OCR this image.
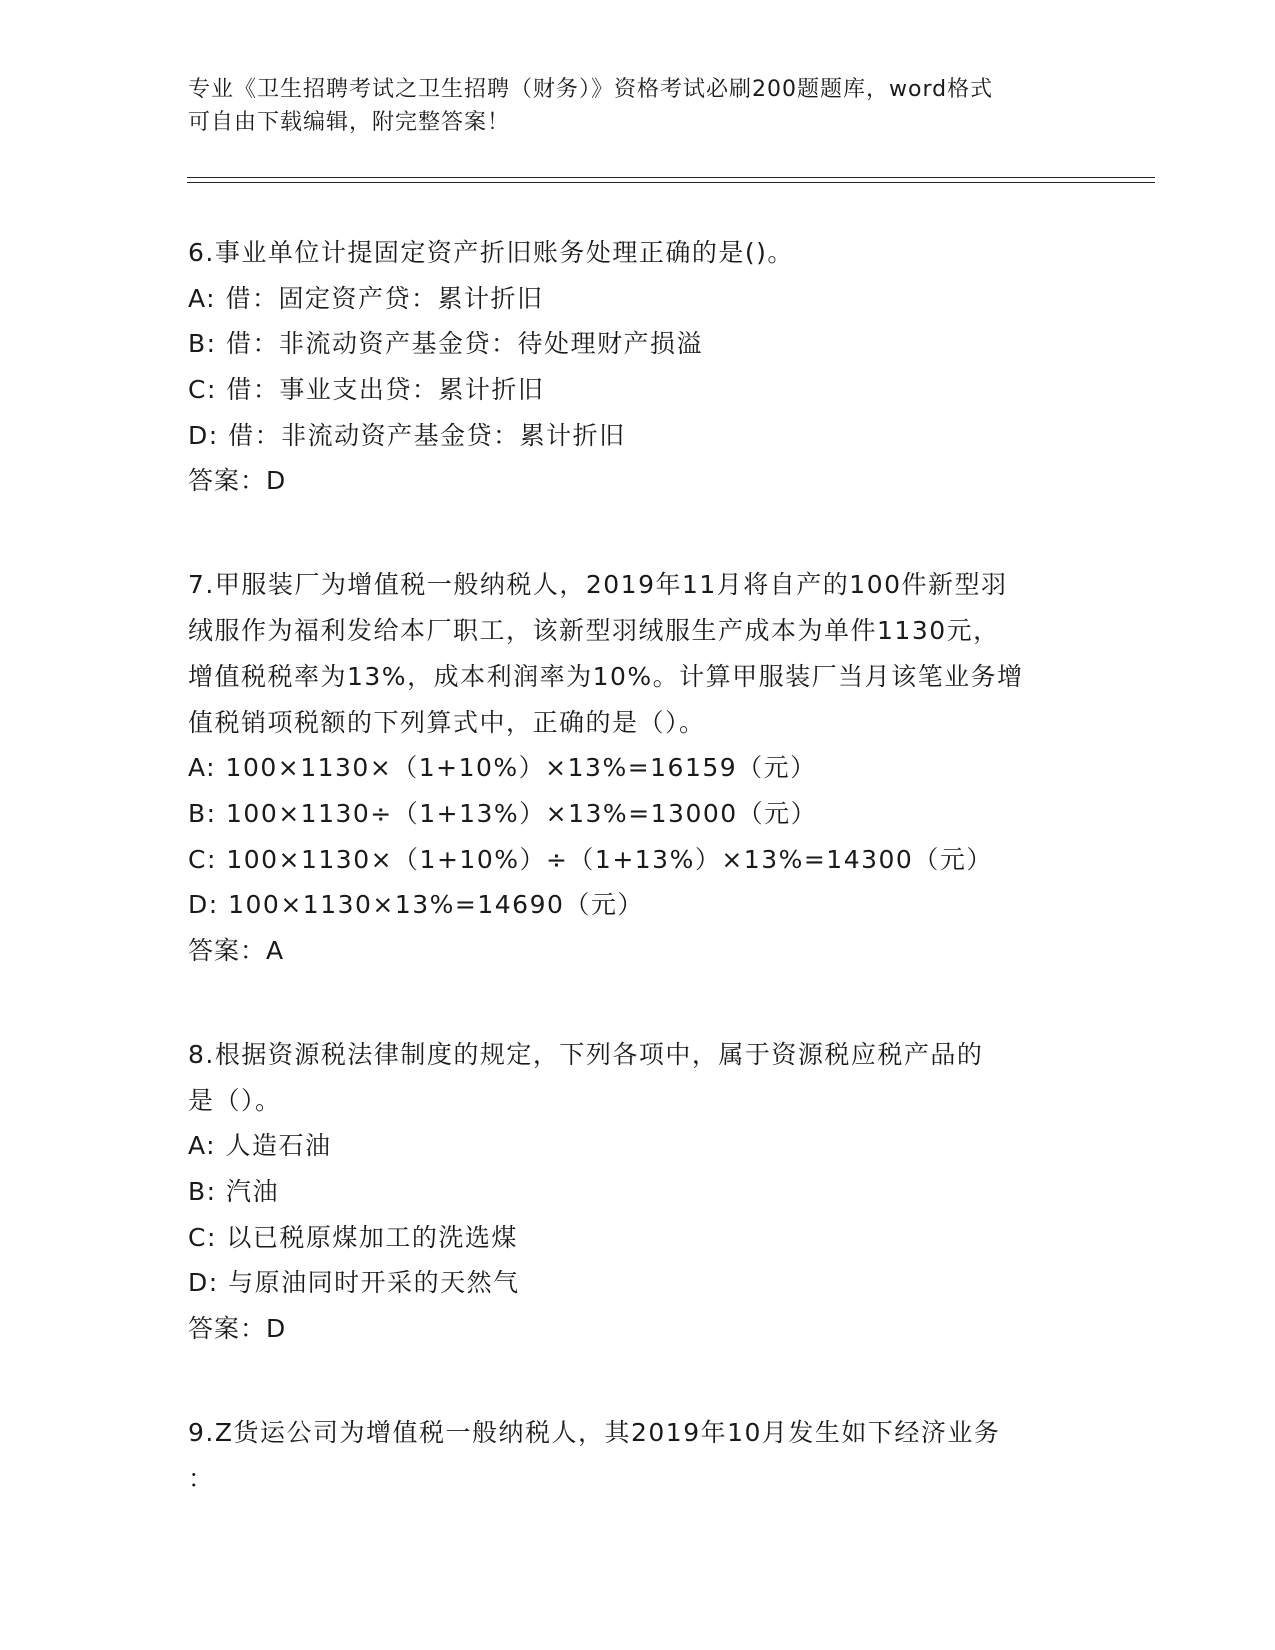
专业《卫生招聘考试之卫生招聘（财务）》资格考试必刷200题题库，word格式
可自由下载编辑，附完整答案！
6.事业单位计提固定资产折旧账务处理正确的是()。
A: 借：固定资产贷：累计折旧
B: 借：非流动资产基金贷：待处理财产损溢
C: 借：事业支出贷：累计折旧
D: 借：非流动资产基金贷：累计折旧
答案：D
7.甲服装厂为增值税一般纳税人，2019年11月将自产的100件新型羽
绒服作为福利发给本厂职工，该新型羽绒服生产成本为单件1130元，
增值税税率为13%，成本利润率为10%。计算甲服装厂当月该笔业务增
值税销项税额的下列算式中，正确的是（）。
A: 100×1130×（1+10%）×13%=16159（元）
B: 100×1130÷（1+13%）×13%=13000（元）
C: 100×1130×（1+10%）÷（1+13%）×13%=14300（元）
D: 100×1130×13%=14690（元）
答案：A
8.根据资源税法律制度的规定，下列各项中，属于资源税应税产品的
是（）。
A: 人造石油
B: 汽油
C: 以已税原煤加工的洗选煤
D: 与原油同时开采的天然气
答案：D
9.Z货运公司为增值税一般纳税人，其2019年10月发生如下经济业务
：
